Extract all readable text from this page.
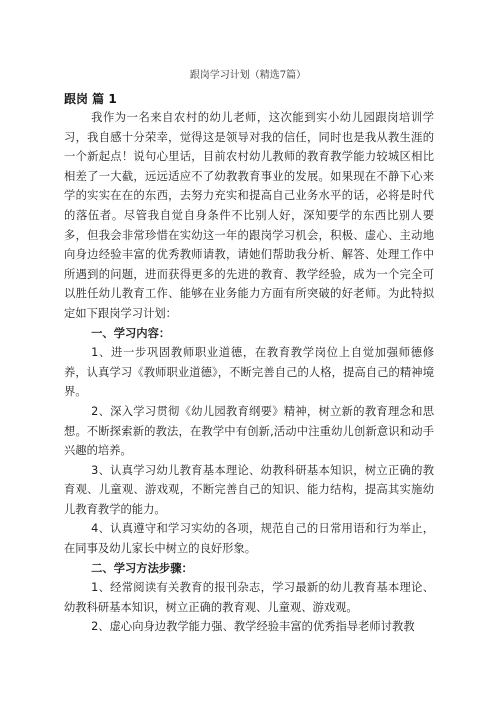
跟岗学习计划（精选7篇）
跟岗 篇 1

我作为一名来自农村的幼儿老师，这次能到实小幼儿园跟岗培训学习，我自感十分荣幸，觉得这是领导对我的信任，同时也是我从教生涯的一个新起点！说句心里话，目前农村幼儿教师的教育教学能力较城区相比相差了一大截，远远适应不了幼教教育事业的发展。如果现在不静下心来学的实实在在的东西，去努力充实和提高自己业务水平的话，必将是时代的落伍者。尽管我自觉自身条件不比别人好，深知要学的东西比别人要多，但我会非常珍惜在实幼这一年的跟岗学习机会，积极、虚心、主动地向身边经验丰富的优秀教师请教，请她们帮助我分析、解答、处理工作中所遇到的问题，进而获得更多的先进的教育、教学经验，成为一个完全可以胜任幼儿教育工作、能够在业务能力方面有所突破的好老师。为此特拟定如下跟岗学习计划：

一、学习内容：

1、进一步巩固教师职业道德，在教育教学岗位上自觉加强师德修养，认真学习《教师职业道德》，不断完善自己的人格，提高自己的精神境界。

2、深入学习贯彻《幼儿园教育纲要》精神，树立新的教育理念和思想。不断探索新的教法，在教学中有创新,活动中注重幼儿创新意识和动手兴趣的培养。

3、认真学习幼儿教育基本理论、幼教科研基本知识，树立正确的教育观、儿童观、游戏观，不断完善自己的知识、能力结构，提高其实施幼儿教育教学的能力。

4、认真遵守和学习实幼的各项，规范自己的日常用语和行为举止，在同事及幼儿家长中树立的良好形象。

二、学习方法步骤：

1、经常阅读有关教育的报刊杂志，学习最新的幼儿教育基本理论、幼教科研基本知识，树立正确的教育观、儿童观、游戏观。

2、虚心向身边教学能力强、教学经验丰富的优秀指导老师讨教教
